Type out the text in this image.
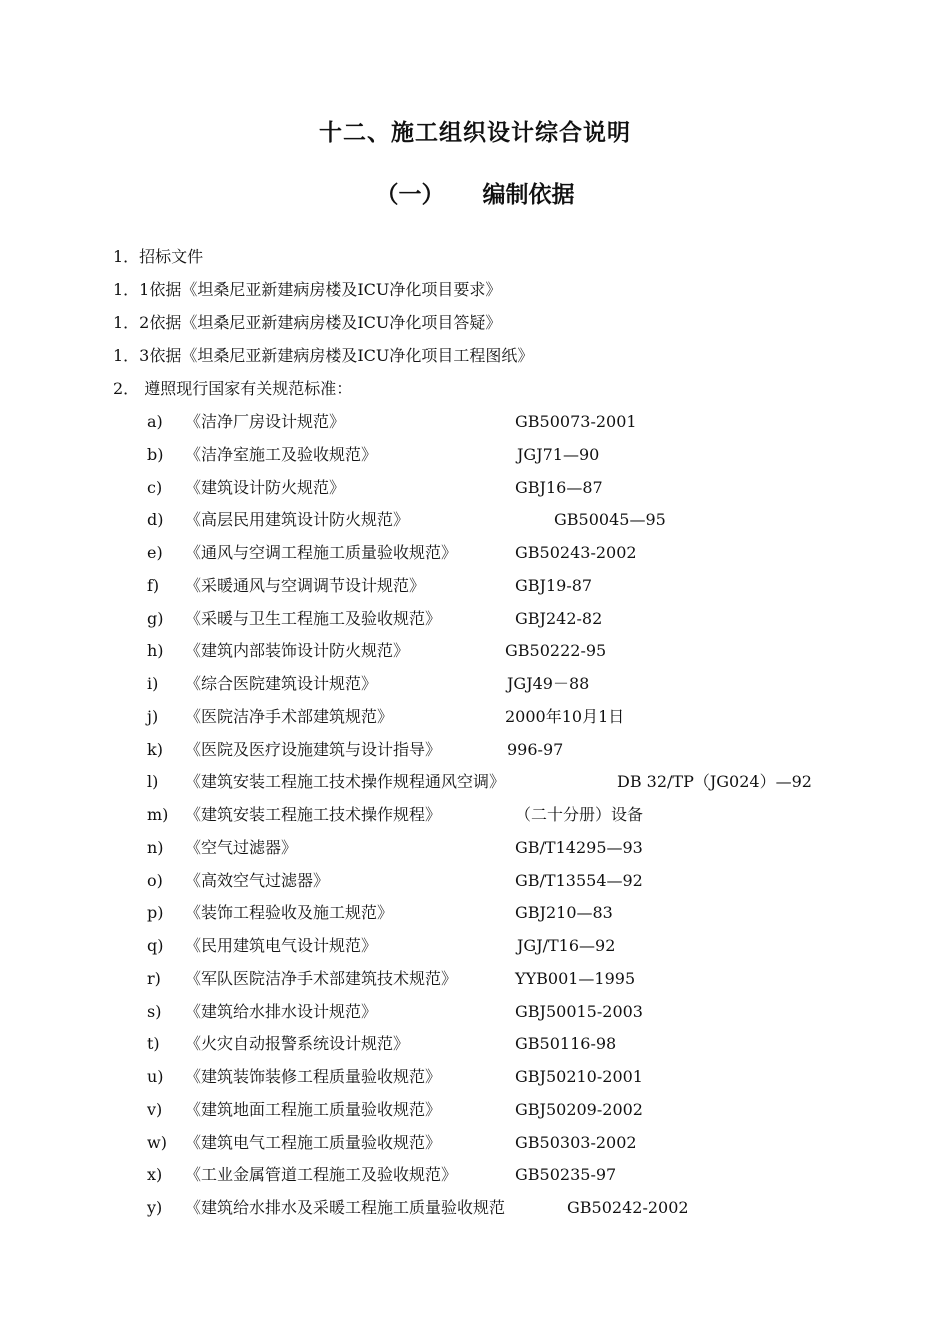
十二、施工组织设计综合说明
（一） 编制依据
1．招标文件
1．1依据《坦桑尼亚新建病房楼及ICU净化项目要求》
1．2依据《坦桑尼亚新建病房楼及ICU净化项目答疑》
1．3依据《坦桑尼亚新建病房楼及ICU净化项目工程图纸》
2． 遵照现行国家有关规范标准：
a) 《洁净厂房设计规范》	GB50073-2001
b) 《洁净室施工及验收规范》	JGJ71—90
c) 《建筑设计防火规范》	GBJ16—87
d) 《高层民用建筑设计防火规范》	GB50045—95
e) 《通风与空调工程施工质量验收规范》	GB50243-2002
f) 《采暖通风与空调调节设计规范》	GBJ19-87
g) 《采暖与卫生工程施工及验收规范》	GBJ242-82
h) 《建筑内部装饰设计防火规范》	GB50222-95
i) 《综合医院建筑设计规范》	JGJ49－88
j) 《医院洁净手术部建筑规范》	2000年10月1日
k) 《医院及医疗设施建筑与设计指导》	996-97
l) 《建筑安装工程施工技术操作规程通风空调》	DB 32/TP（JG024）—92
m) 《建筑安装工程施工技术操作规程》	（二十分册）设备
n) 《空气过滤器》	GB/T14295—93
o) 《高效空气过滤器》	GB/T13554—92
p) 《装饰工程验收及施工规范》	GBJ210—83
q) 《民用建筑电气设计规范》	JGJ/T16—92
r) 《军队医院洁净手术部建筑技术规范》	YYB001—1995
s) 《建筑给水排水设计规范》	GBJ50015-2003
t) 《火灾自动报警系统设计规范》	GB50116-98
u) 《建筑装饰装修工程质量验收规范》	GBJ50210-2001
v) 《建筑地面工程施工质量验收规范》	GBJ50209-2002
w) 《建筑电气工程施工质量验收规范》	GB50303-2002
x) 《工业金属管道工程施工及验收规范》	GB50235-97
y) 《建筑给水排水及采暖工程施工质量验收规范	GB50242-2002
